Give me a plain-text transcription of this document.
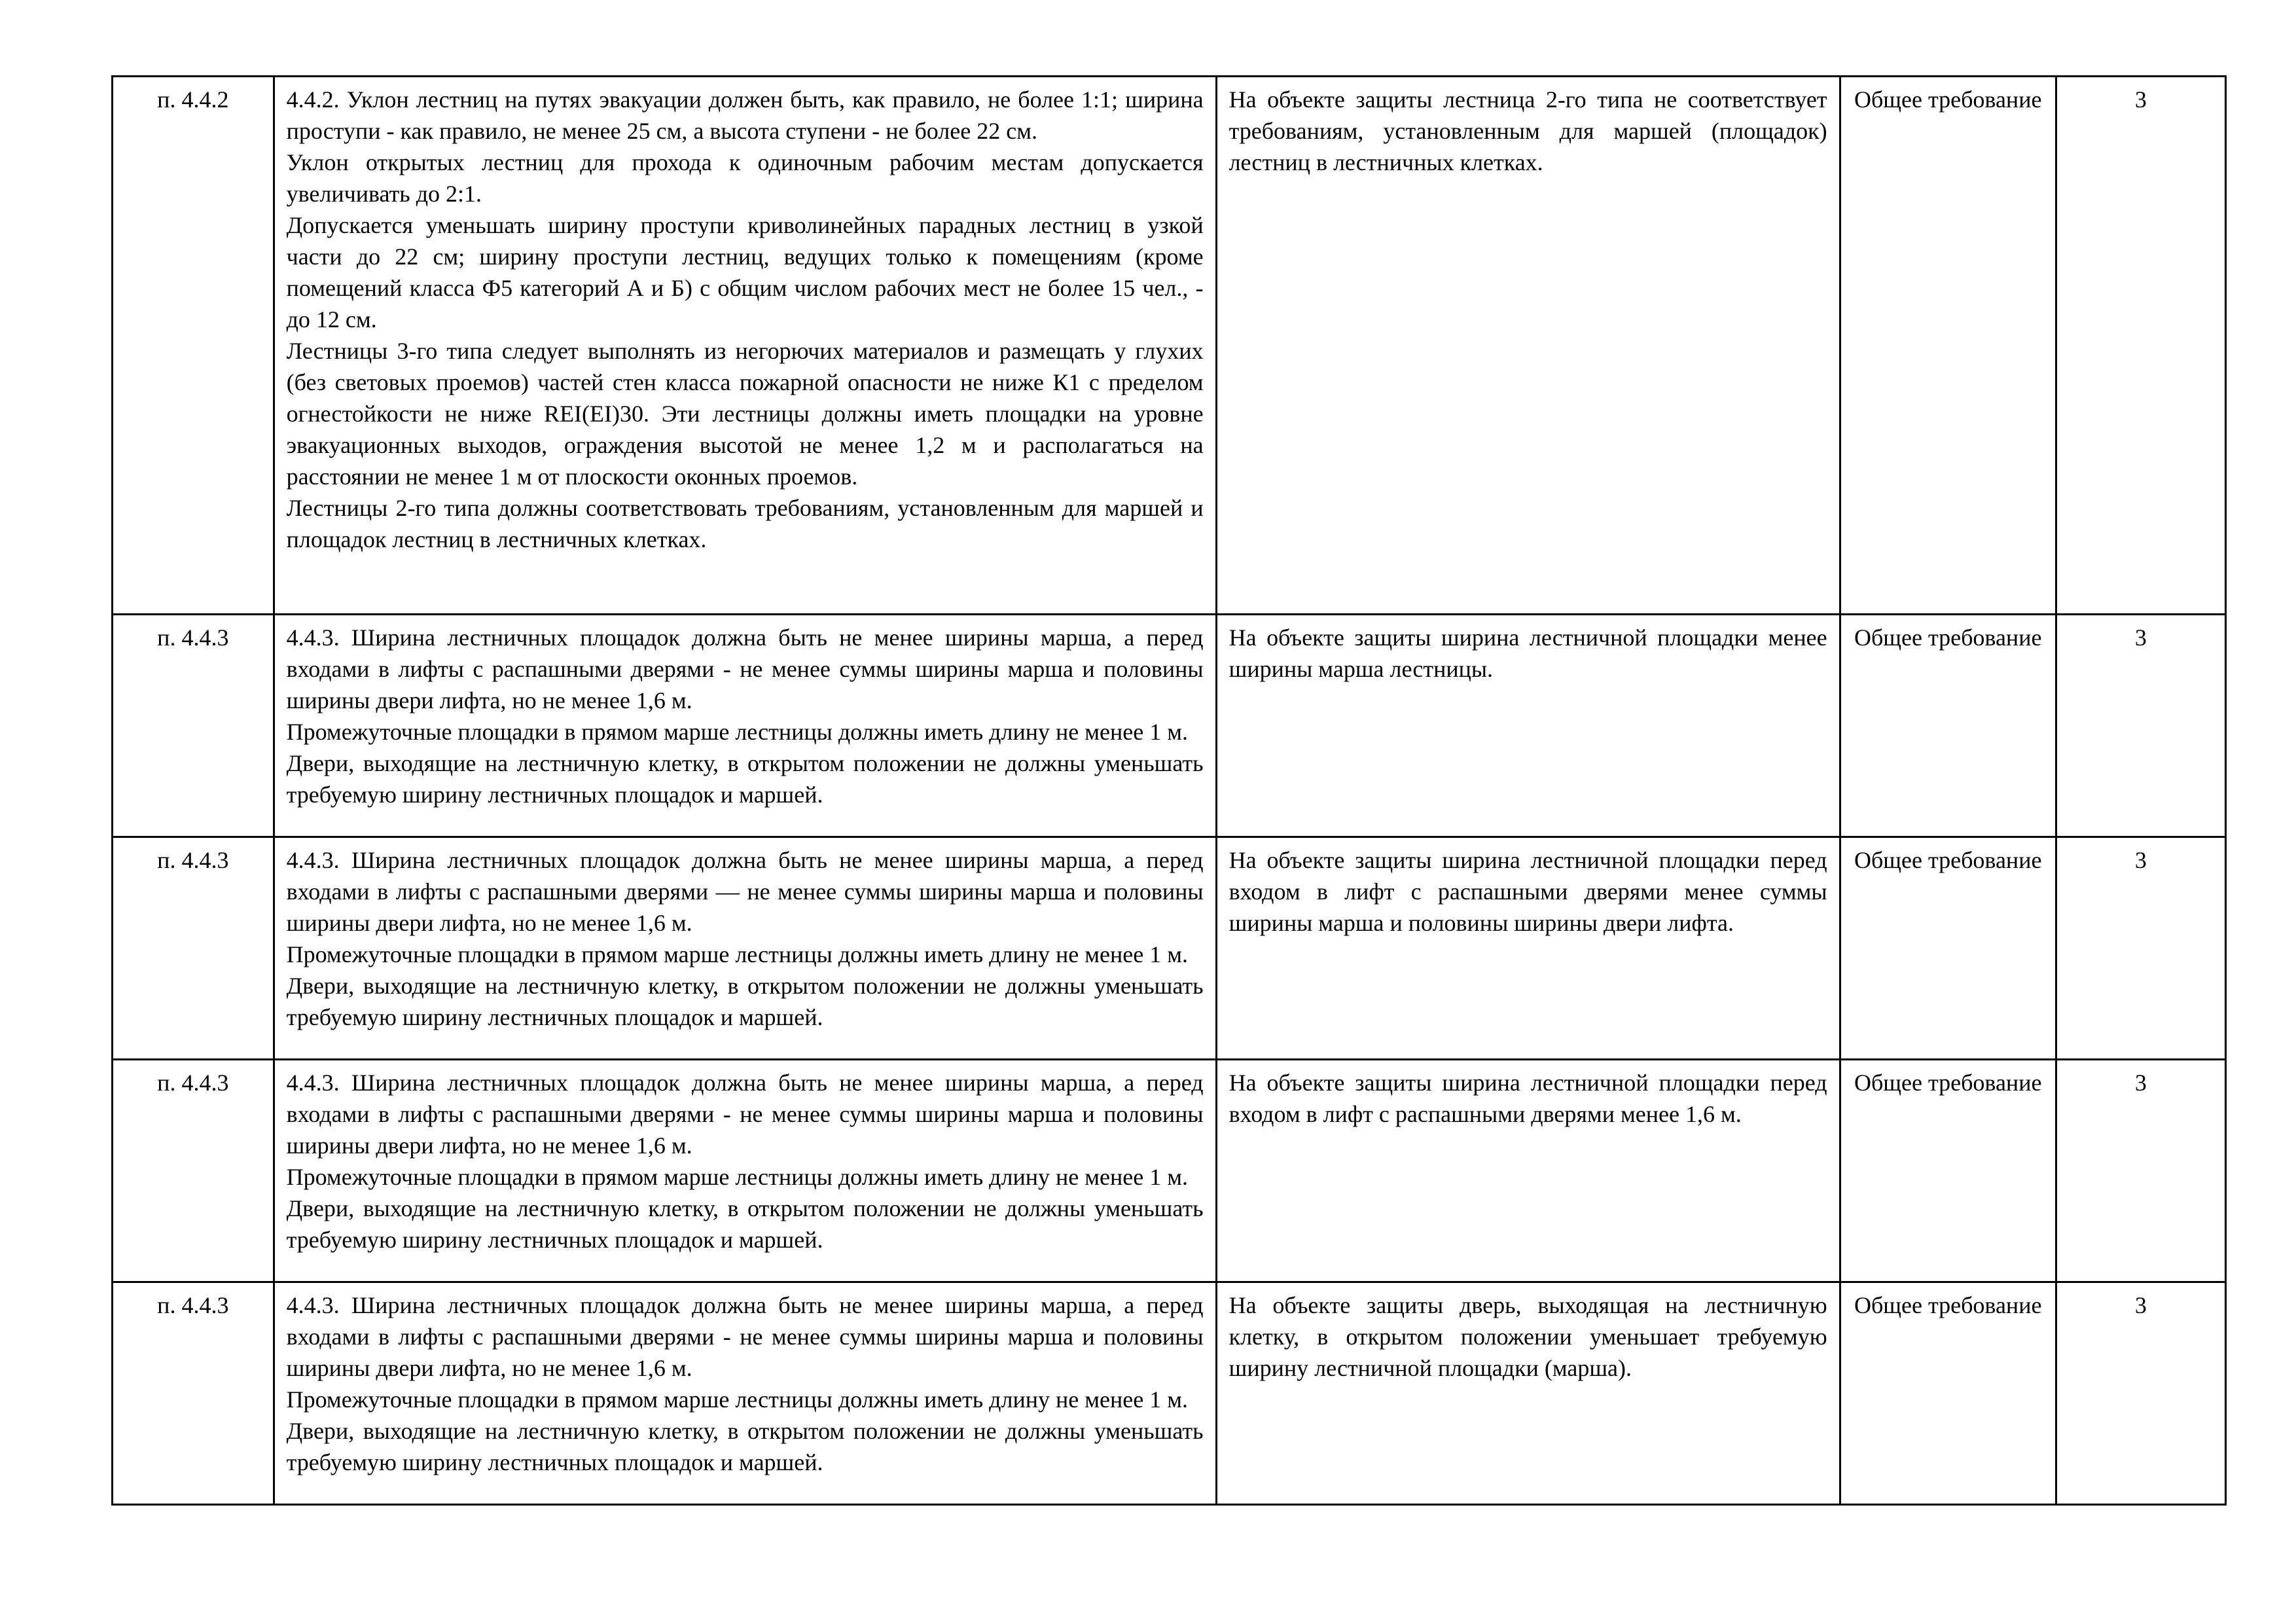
п. 4.4.2	4.4.2. Уклон лестниц на путях эвакуации должен быть, как правило, не более 1:1; ширина проступи - как правило, не менее 25 см, а высота ступени - не более 22 см.
Уклон открытых лестниц для прохода к одиночным рабочим местам допускается увеличивать до 2:1.
Допускается уменьшать ширину проступи криволинейных парадных лестниц в узкой части до 22 см; ширину проступи лестниц, ведущих только к помещениям (кроме помещений класса Ф5 категорий А и Б) с общим числом рабочих мест не более 15 чел., - до 12 см.
Лестницы 3-го типа следует выполнять из негорючих материалов и размещать у глухих (без световых проемов) частей стен класса пожарной опасности не ниже К1 с пределом огнестойкости не ниже REI(EI)30. Эти лестницы должны иметь площадки на уровне эвакуационных выходов, ограждения высотой не менее 1,2 м и располагаться на расстоянии не менее 1 м от плоскости оконных проемов.
Лестницы 2-го типа должны соответствовать требованиям, установленным для маршей и площадок лестниц в лестничных клетках.	На объекте защиты лестница 2-го типа не соответствует требованиям, установленным для маршей (площадок) лестниц в лестничных клетках.	Общее требование	3
п. 4.4.3	4.4.3. Ширина лестничных площадок должна быть не менее ширины марша, а перед входами в лифты с распашными дверями - не менее суммы ширины марша и половины ширины двери лифта, но не менее 1,6 м.
Промежуточные площадки в прямом марше лестницы должны иметь длину не менее 1 м.
Двери, выходящие на лестничную клетку, в открытом положении не должны уменьшать требуемую ширину лестничных площадок и маршей.	На объекте защиты ширина лестничной площадки менее ширины марша лестницы.	Общее требование	3
п. 4.4.3	4.4.3. Ширина лестничных площадок должна быть не менее ширины марша, а перед входами в лифты с распашными дверями — не менее суммы ширины марша и половины ширины двери лифта, но не менее 1,6 м.
Промежуточные площадки в прямом марше лестницы должны иметь длину не менее 1 м.
Двери, выходящие на лестничную клетку, в открытом положении не должны уменьшать требуемую ширину лестничных площадок и маршей.	На объекте защиты ширина лестничной площадки перед входом в лифт с распашными дверями менее суммы ширины марша и половины ширины двери лифта.	Общее требование	3
п. 4.4.3	4.4.3. Ширина лестничных площадок должна быть не менее ширины марша, а перед входами в лифты с распашными дверями - не менее суммы ширины марша и половины ширины двери лифта, но не менее 1,6 м.
Промежуточные площадки в прямом марше лестницы должны иметь длину не менее 1 м.
Двери, выходящие на лестничную клетку, в открытом положении не должны уменьшать требуемую ширину лестничных площадок и маршей.	На объекте защиты ширина лестничной площадки перед входом в лифт с распашными дверями менее 1,6 м.	Общее требование	3
п. 4.4.3	4.4.3. Ширина лестничных площадок должна быть не менее ширины марша, а перед входами в лифты с распашными дверями - не менее суммы ширины марша и половины ширины двери лифта, но не менее 1,6 м.
Промежуточные площадки в прямом марше лестницы должны иметь длину не менее 1 м.
Двери, выходящие на лестничную клетку, в открытом положении не должны уменьшать требуемую ширину лестничных площадок и маршей.	На объекте защиты дверь, выходящая на лестничную клетку, в открытом положении уменьшает требуемую ширину лестничной площадки (марша).	Общее требование	3
